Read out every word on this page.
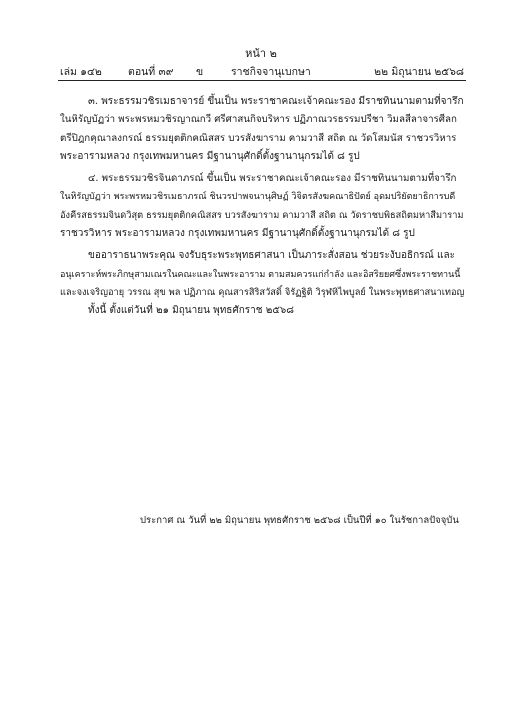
หน้า ๒
เล่ม ๑๔๒ ตอนที่ ๓๙ ข	ราชกิจจานุเบกษา	๒๒ มิถุนายน ๒๕๖๘
๓. พระธรรมวชิรเมธาจารย์ ขึ้นเป็น พระราชาคณะเจ้าคณะรอง มีราชทินนามตามที่จารึก
ในหิรัญบัฏว่า พระพรหมวชิรญาณกวี ศรีศาสนกิจบริหาร ปฏิภาณวรธรรมปรีชา วิมลสีลาจารศีลก
ตรีปิฎกคุณาลงกรณ์ ธรรมยุตติกคณิสสร บวรสังฆาราม คามวาสี สถิต ณ วัดโสมนัส ราชวรวิหาร
พระอารามหลวง กรุงเทพมหานคร มีฐานานุศักดิ์ตั้งฐานานุกรมได้ ๘ รูป
๔. พระธรรมวชิรจินดาภรณ์ ขึ้นเป็น พระราชาคณะเจ้าคณะรอง มีราชทินนามตามที่จารึก
ในหิรัญบัฏว่า พระพรหมวชิรเมธาภรณ์ ชินวรปาพจนานุศิษฏ์ วิจิตรสังฆคณาธิปัตย์ อุดมปริยัตยาธิการบดี
อังคีรสธรรมจินดวิสุต ธรรมยุตติกคณิสสร บวรสังฆาราม คามวาสี สถิต ณ วัดราชบพิธสถิตมหาสีมาราม
ราชวรวิหาร พระอารามหลวง กรุงเทพมหานคร มีฐานานุศักดิ์ตั้งฐานานุกรมได้ ๘ รูป
ขออาราธนาพระคุณ จงรับธุระพระพุทธศาสนา เป็นภาระสั่งสอน ช่วยระงับอธิกรณ์ และ
อนุเคราะห์พระภิกษุสามเณรในคณะและในพระอาราม ตามสมควรแก่กำลัง และอิสริยยศซึ่งพระราชทานนี้
และจงเจริญอายุ วรรณ สุข พล ปฏิภาณ คุณสารสิริสวัสดิ์ จิรัฏฐิติ วิรุฬหิไพบูลย์ ในพระพุทธศาสนาเทอญ
ทั้งนี้ ตั้งแต่วันที่ ๒๑ มิถุนายน พุทธศักราช ๒๕๖๘
ประกาศ ณ วันที่ ๒๒ มิถุนายน พุทธศักราช ๒๕๖๘ เป็นปีที่ ๑๐ ในรัชกาลปัจจุบัน
